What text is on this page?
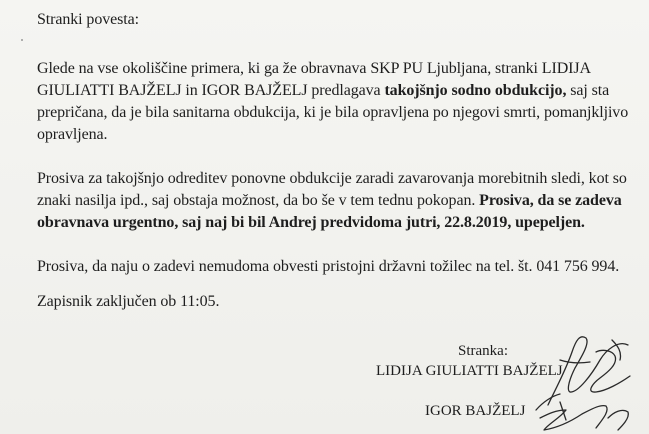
Stranki povesta:
Glede na vse okoliščine primera, ki ga že obravnava SKP PU Ljubljana, stranki LIDIJA
GIULIATTI BAJŽELJ in IGOR BAJŽELJ predlagava takojšnjo sodno obdukcijo, saj sta
prepričana, da je bila sanitarna obdukcija, ki je bila opravljena po njegovi smrti, pomanjkljivo
opravljena.
Prosiva za takojšnjo odreditev ponovne obdukcije zaradi zavarovanja morebitnih sledi, kot so
znaki nasilja ipd., saj obstaja možnost, da bo še v tem tednu pokopan. Prosiva, da se zadeva
obravnava urgentno, saj naj bi bil Andrej predvidoma jutri, 22.8.2019, upepeljen.
Prosiva, da naju o zadevi nemudoma obvesti pristojni državni tožilec na tel. št. 041 756 994.
Zapisnik zaključen ob 11:05.
Stranka:
LIDIJA GIULIATTI BAJŽELJ
IGOR BAJŽELJ
